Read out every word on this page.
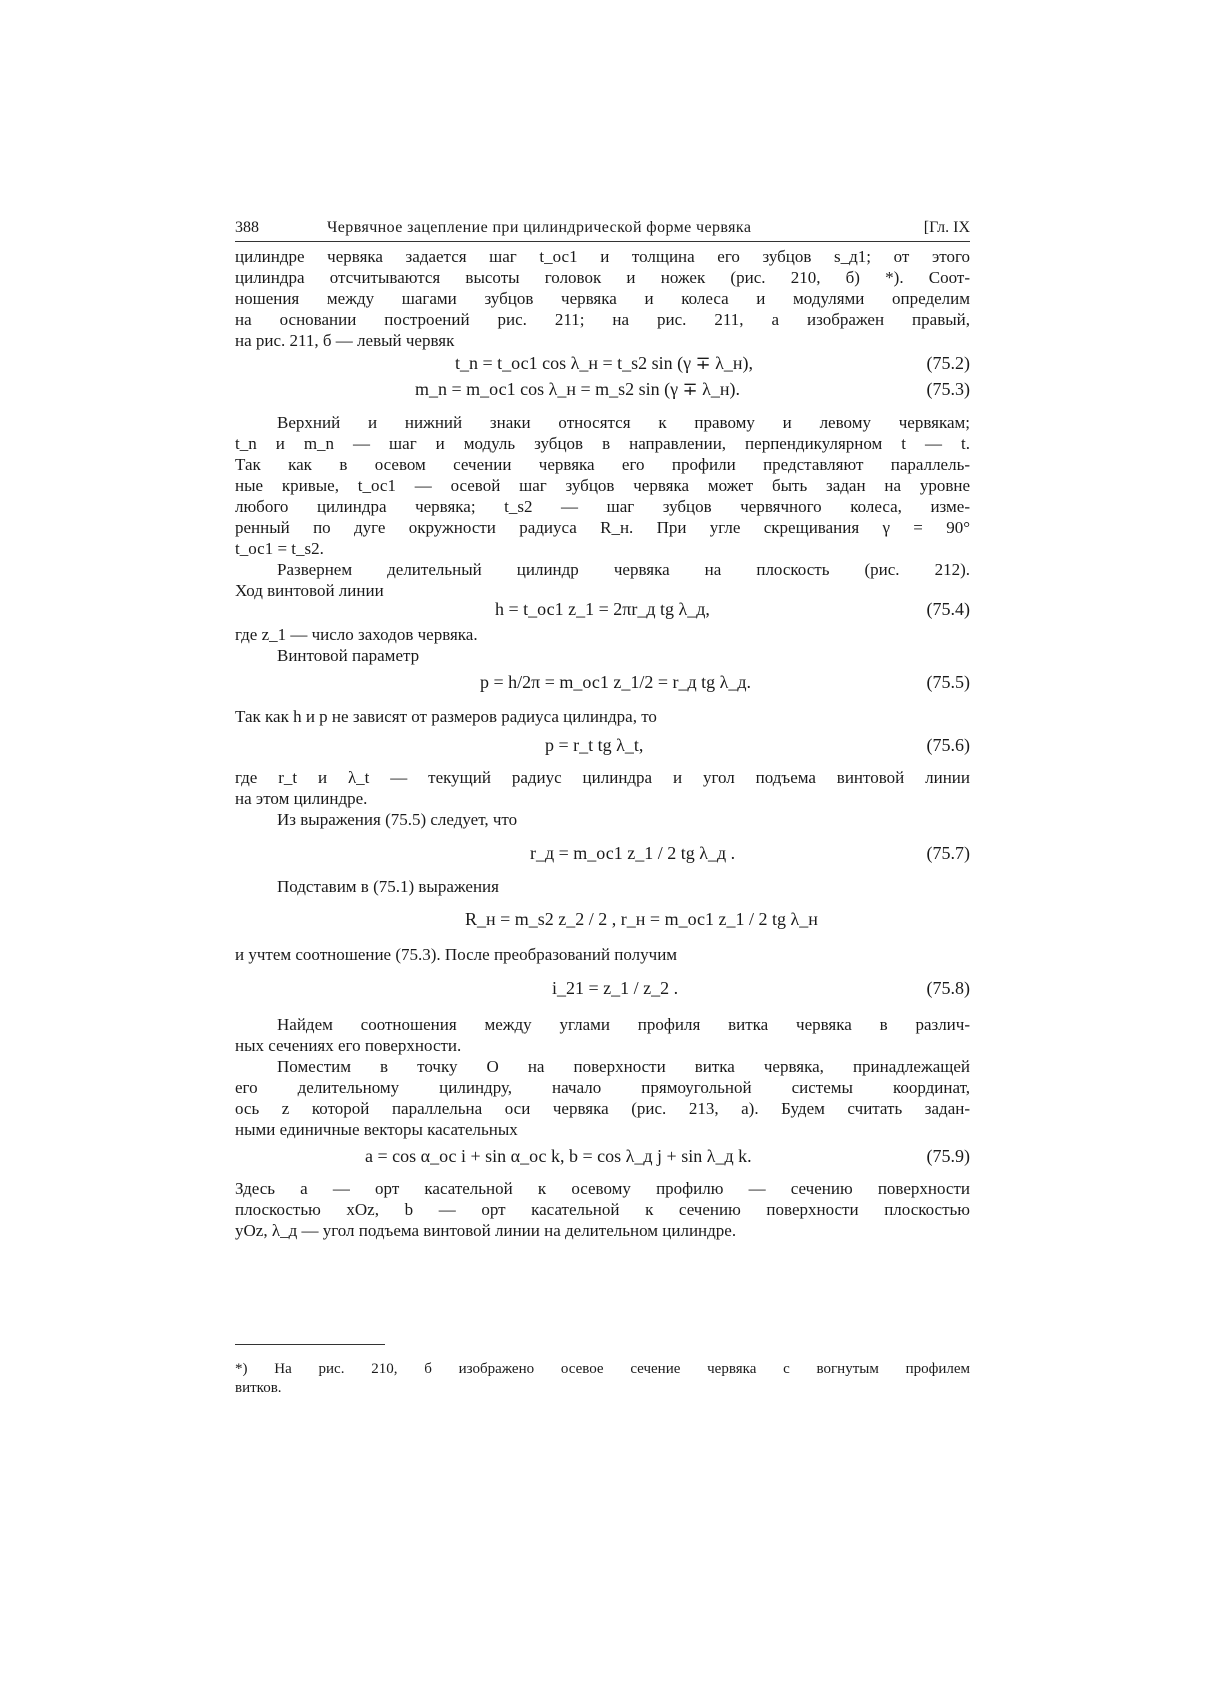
388	Червячное зацепление при цилиндрической форме червяка	[Гл. IX
цилиндре червяка задается шаг t_ос1 и толщина его зубцов s_д1; от этого
цилиндра отсчитываются высоты головок и ножек (рис. 210, б) *). Соот-
ношения между шагами зубцов червяка и колеса и модулями определим
на основании построений рис. 211; на рис. 211, а изображен правый,
на рис. 211, б — левый червяк
t_n = t_ос1 cos λ_н = t_s2 sin (γ ∓ λ_н),	(75.2)
m_n = m_ос1 cos λ_н = m_s2 sin (γ ∓ λ_н).	(75.3)
Верхний и нижний знаки относятся к правому и левому червякам;
t_n и m_n — шаг и модуль зубцов в направлении, перпендикулярном t — t.
Так как в осевом сечении червяка его профили представляют параллель-
ные кривые, t_ос1 — осевой шаг зубцов червяка может быть задан на уровне
любого цилиндра червяка; t_s2 — шаг зубцов червячного колеса, изме-
ренный по дуге окружности радиуса R_н. При угле скрещивания γ = 90°
t_ос1 = t_s2.
Развернем делительный цилиндр червяка на плоскость (рис. 212).
Ход винтовой линии
h = t_ос1 z_1 = 2πr_д tg λ_д,	(75.4)
где z_1 — число заходов червяка.
Винтовой параметр
p = h/2π = m_ос1 z_1/2 = r_д tg λ_д.	(75.5)
Так как h и p не зависят от размеров радиуса цилиндра, то
p = r_t tg λ_t,	(75.6)
где r_t и λ_t — текущий радиус цилиндра и угол подъема винтовой линии
на этом цилиндре.
Из выражения (75.5) следует, что
r_д = m_ос1 z_1 / 2 tg λ_д .	(75.7)
Подставим в (75.1) выражения
R_н = m_s2 z_2 / 2 , r_н = m_ос1 z_1 / 2 tg λ_н
и учтем соотношение (75.3). После преобразований получим
i_21 = z_1 / z_2 .	(75.8)
Найдем соотношения между углами профиля витка червяка в различ-
ных сечениях его поверхности.
Поместим в точку O на поверхности витка червяка, принадлежащей
его делительному цилиндру, начало прямоугольной системы координат,
ось z которой параллельна оси червяка (рис. 213, а). Будем считать задан-
ными единичные векторы касательных
a = cos α_ос i + sin α_ос k, b = cos λ_д j + sin λ_д k.	(75.9)
Здесь a — орт касательной к осевому профилю — сечению поверхности
плоскостью xOz, b — орт касательной к сечению поверхности плоскостью
yOz, λ_д — угол подъема винтовой линии на делительном цилиндре.
*) На рис. 210, б изображено осевое сечение червяка с вогнутым профилем
витков.
